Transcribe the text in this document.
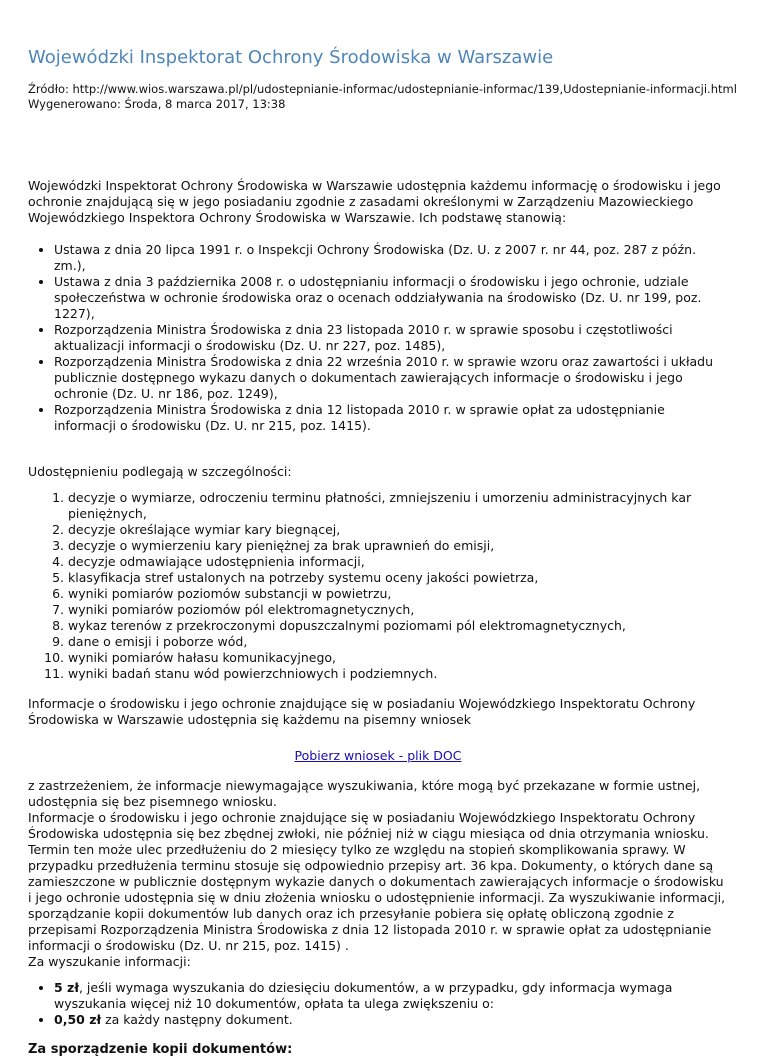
Wojewódzki Inspektorat Ochrony Środowiska w Warszawie
Źródło: http://www.wios.warszawa.pl/pl/udostepnianie-informac/udostepnianie-informac/139,Udostepnianie-informacji.html
Wygenerowano: Środa, 8 marca 2017, 13:38

Wojewódzki Inspektorat Ochrony Środowiska w Warszawie udostępnia każdemu informację o środowisku i jego ochronie znajdującą się w jego posiadaniu zgodnie z zasadami określonymi w Zarządzeniu Mazowieckiego Wojewódzkiego Inspektora Ochrony Środowiska w Warszawie. Ich podstawę stanowią:

• Ustawa z dnia 20 lipca 1991 r. o Inspekcji Ochrony Środowiska (Dz. U. z 2007 r. nr 44, poz. 287 z późn. zm.),
• Ustawa z dnia 3 października 2008 r. o udostępnianiu informacji o środowisku i jego ochronie, udziale społeczeństwa w ochronie środowiska oraz o ocenach oddziaływania na środowisko (Dz. U. nr 199, poz. 1227),
• Rozporządzenia Ministra Środowiska z dnia 23 listopada 2010 r. w sprawie sposobu i częstotliwości aktualizacji informacji o środowisku (Dz. U. nr 227, poz. 1485),
• Rozporządzenia Ministra Środowiska z dnia 22 września 2010 r. w sprawie wzoru oraz zawartości i układu publicznie dostępnego wykazu danych o dokumentach zawierających informacje o środowisku i jego ochronie (Dz. U. nr 186, poz. 1249),
• Rozporządzenia Ministra Środowiska z dnia 12 listopada 2010 r. w sprawie opłat za udostępnianie informacji o środowisku (Dz. U. nr 215, poz. 1415).

Udostępnieniu podlegają w szczególności:

1. decyzje o wymiarze, odroczeniu terminu płatności, zmniejszeniu i umorzeniu administracyjnych kar pieniężnych,
2. decyzje określające wymiar kary biegnącej,
3. decyzje o wymierzeniu kary pieniężnej za brak uprawnień do emisji,
4. decyzje odmawiające udostępnienia informacji,
5. klasyfikacja stref ustalonych na potrzeby systemu oceny jakości powietrza,
6. wyniki pomiarów poziomów substancji w powietrzu,
7. wyniki pomiarów poziomów pól elektromagnetycznych,
8. wykaz terenów z przekroczonymi dopuszczalnymi poziomami pól elektromagnetycznych,
9. dane o emisji i poborze wód,
10. wyniki pomiarów hałasu komunikacyjnego,
11. wyniki badań stanu wód powierzchniowych i podziemnych.

Informacje o środowisku i jego ochronie znajdujące się w posiadaniu Wojewódzkiego Inspektoratu Ochrony Środowiska w Warszawie udostępnia się każdemu na pisemny wniosek

Pobierz wniosek - plik DOC

z zastrzeżeniem, że informacje niewymagające wyszukiwania, które mogą być przekazane w formie ustnej, udostępnia się bez pisemnego wniosku.

Informacje o środowisku i jego ochronie znajdujące się w posiadaniu Wojewódzkiego Inspektoratu Ochrony Środowiska udostępnia się bez zbędnej zwłoki, nie później niż w ciągu miesiąca od dnia otrzymania wniosku. Termin ten może ulec przedłużeniu do 2 miesięcy tylko ze względu na stopień skomplikowania sprawy. W przypadku przedłużenia terminu stosuje się odpowiednio przepisy art. 36 kpa. Dokumenty, o których dane są zamieszczone w publicznie dostępnym wykazie danych o dokumentach zawierających informacje o środowisku i jego ochronie udostępnia się w dniu złożenia wniosku o udostępnienie informacji. Za wyszukiwanie informacji, sporządzanie kopii dokumentów lub danych oraz ich przesyłanie pobiera się opłatę obliczoną zgodnie z przepisami Rozporządzenia Ministra Środowiska z dnia 12 listopada 2010 r. w sprawie opłat za udostępnianie informacji o środowisku (Dz. U. nr 215, poz. 1415) .

Za wyszukanie informacji:

• 5 zł, jeśli wymaga wyszukania do dziesięciu dokumentów, a w przypadku, gdy informacja wymaga wyszukania więcej niż 10 dokumentów, opłata ta ulega zwiększeniu o:
• 0,50 zł za każdy następny dokument.
Za sporządzenie kopii dokumentów:
